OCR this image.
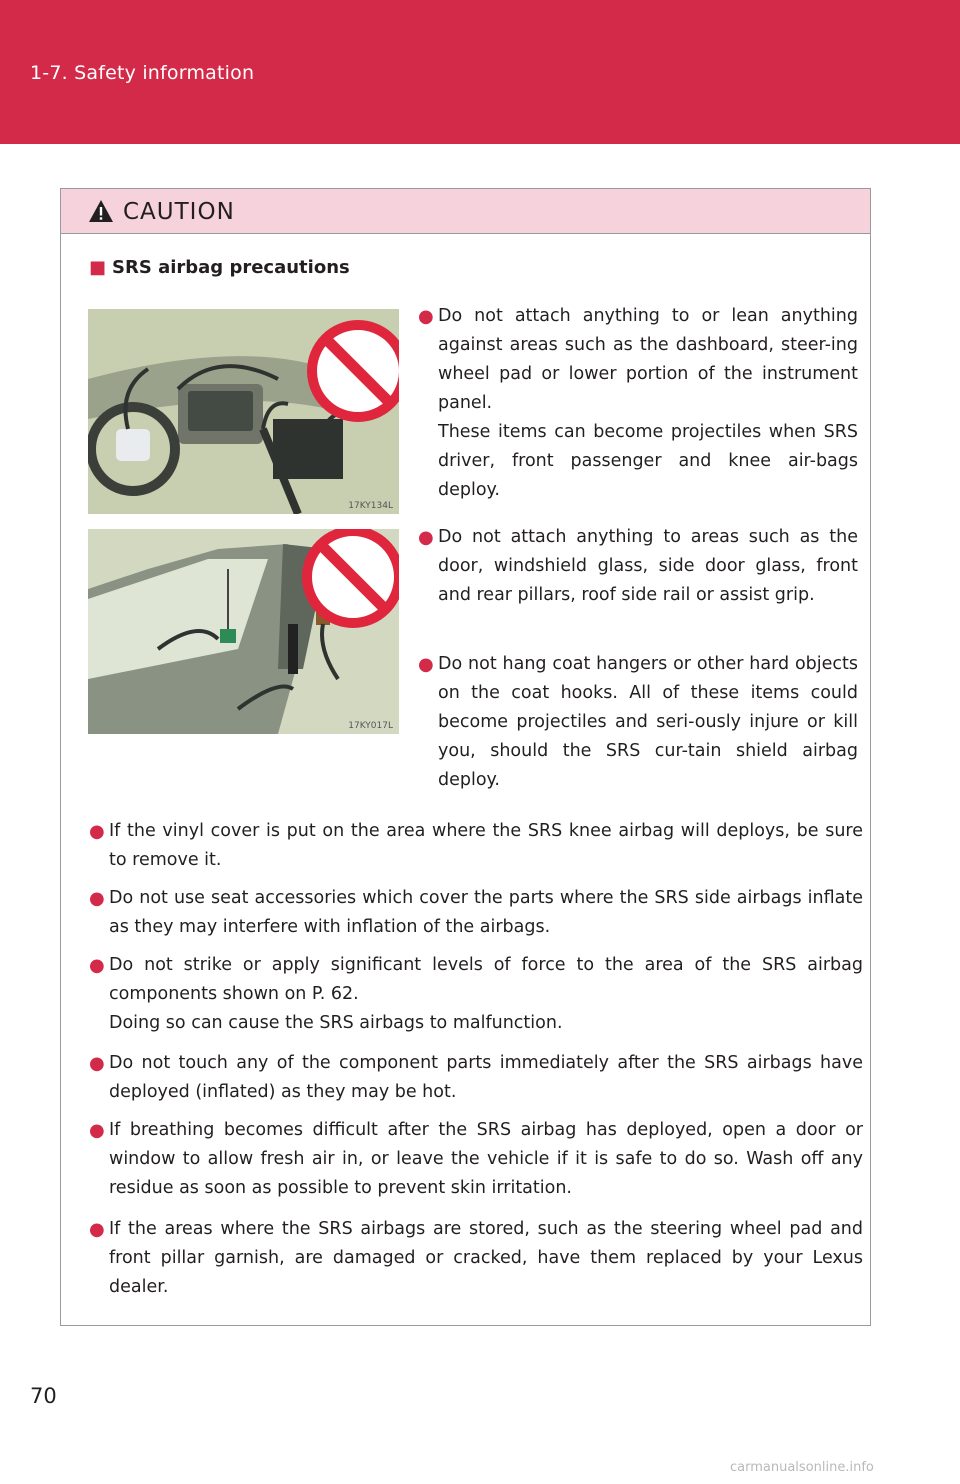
1-7. Safety information
CAUTION
■ SRS airbag precautions
17KY134L
17KY017L
● Do not attach anything to or lean anything against areas such as the dashboard, steer-ing wheel pad or lower portion of the instrument panel.
These items can become projectiles when SRS driver, front passenger and knee air-bags deploy.
● Do not attach anything to areas such as the door, windshield glass, side door glass, front and rear pillars, roof side rail or assist grip.
● Do not hang coat hangers or other hard objects on the coat hooks. All of these items could become projectiles and seri-ously injure or kill you, should the SRS cur-tain shield airbag deploy.
● If the vinyl cover is put on the area where the SRS knee airbag will deploys, be sure to remove it.
● Do not use seat accessories which cover the parts where the SRS side airbags inflate as they may interfere with inflation of the airbags.
● Do not strike or apply significant levels of force to the area of the SRS airbag components shown on P. 62.
Doing so can cause the SRS airbags to malfunction.
● Do not touch any of the component parts immediately after the SRS airbags have deployed (inflated) as they may be hot.
● If breathing becomes difficult after the SRS airbag has deployed, open a door or window to allow fresh air in, or leave the vehicle if it is safe to do so. Wash off any residue as soon as possible to prevent skin irritation.
● If the areas where the SRS airbags are stored, such as the steering wheel pad and front pillar garnish, are damaged or cracked, have them replaced by your Lexus dealer.
70
carmanualsonline.info
